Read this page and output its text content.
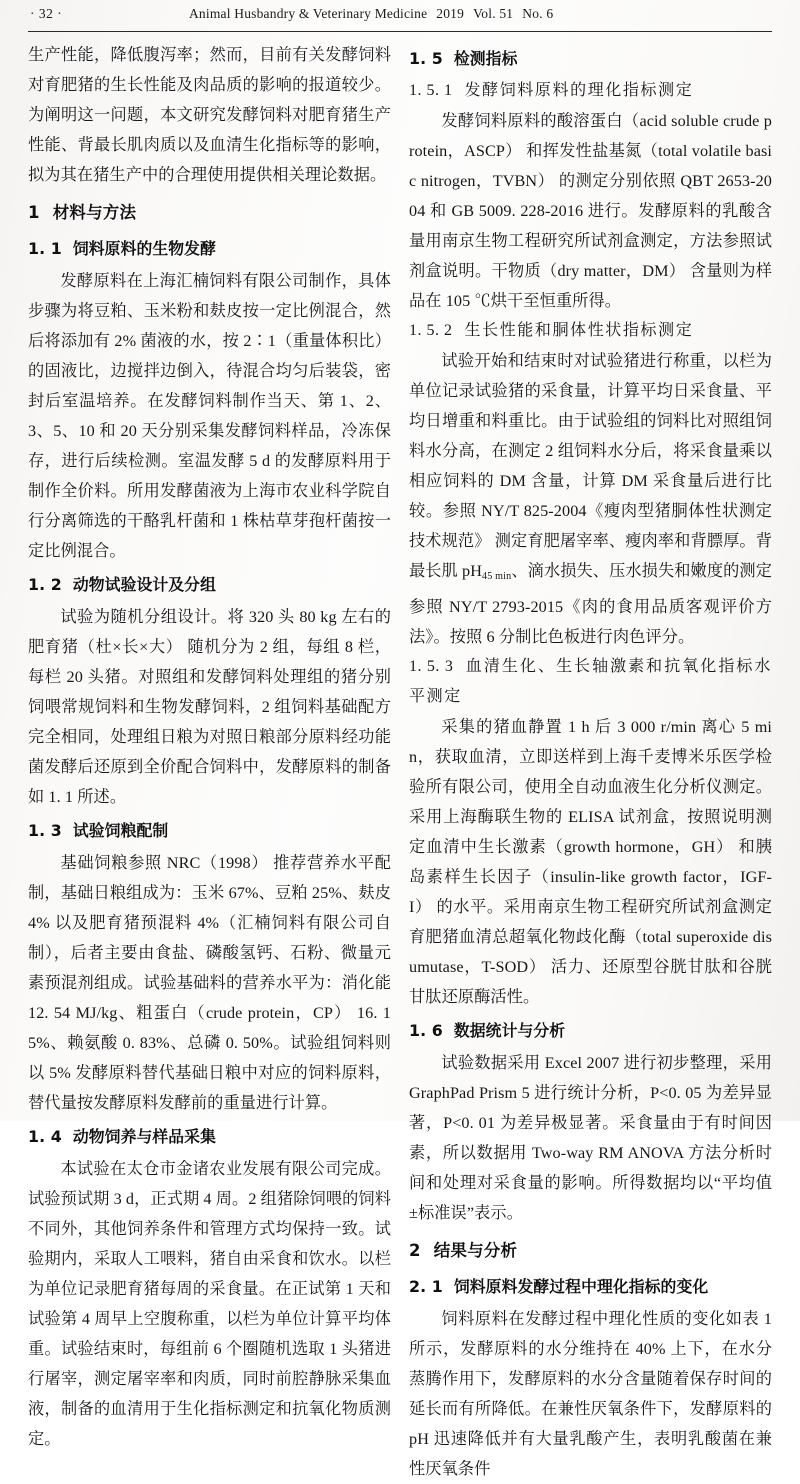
· 32 ·	Animal Husbandry & Veterinary Medicine 2019 Vol. 51 No. 6

生产性能，降低腹泻率；然而，目前有关发酵饲料对育肥猪的生长性能及肉品质的影响的报道较少。为阐明这一问题，本文研究发酵饲料对肥育猪生产性能、背最长肌肉质以及血清生化指标等的影响，拟为其在猪生产中的合理使用提供相关理论数据。

1 材料与方法
1. 1 饲料原料的生物发酵

发酵原料在上海汇楠饲料有限公司制作，具体步骤为将豆粕、玉米粉和麸皮按一定比例混合，然后将添加有 2% 菌液的水，按 2∶1（重量体积比） 的固液比，边搅拌边倒入，待混合均匀后装袋，密封后室温培养。在发酵饲料制作当天、第 1、2、3、5、10 和 20 天分别采集发酵饲料样品，冷冻保存，进行后续检测。室温发酵 5 d 的发酵原料用于制作全价料。所用发酵菌液为上海市农业科学院自行分离筛选的干酪乳杆菌和 1 株枯草芽孢杆菌按一定比例混合。

1. 2 动物试验设计及分组

试验为随机分组设计。将 320 头 80 kg 左右的肥育猪（杜×长×大） 随机分为 2 组，每组 8 栏，每栏 20 头猪。对照组和发酵饲料处理组的猪分别饲喂常规饲料和生物发酵饲料，2 组饲料基础配方完全相同，处理组日粮为对照日粮部分原料经功能菌发酵后还原到全价配合饲料中，发酵原料的制备如 1. 1 所述。

1. 3 试验饲粮配制

基础饲粮参照 NRC（1998） 推荐营养水平配制，基础日粮组成为：玉米 67%、豆粕 25%、麸皮 4% 以及肥育猪预混料 4%（汇楠饲料有限公司自制），后者主要由食盐、磷酸氢钙、石粉、微量元素预混剂组成。试验基础料的营养水平为：消化能 12. 54 MJ/kg、粗蛋白（crude protein，CP） 16. 15%、赖氨酸 0. 83%、总磷 0. 50%。试验组饲料则以 5% 发酵原料替代基础日粮中对应的饲料原料，替代量按发酵原料发酵前的重量进行计算。

1. 4 动物饲养与样品采集

本试验在太仓市金诸农业发展有限公司完成。试验预试期 3 d，正式期 4 周。2 组猪除饲喂的饲料不同外，其他饲养条件和管理方式均保持一致。试验期内，采取人工喂料，猪自由采食和饮水。以栏为单位记录肥育猪每周的采食量。在正试第 1 天和试验第 4 周早上空腹称重，以栏为单位计算平均体重。试验结束时，每组前 6 个圈随机选取 1 头猪进行屠宰，测定屠宰率和肉质，同时前腔静脉采集血液，制备的血清用于生化指标测定和抗氧化物质测定。

1. 5 检测指标
1. 5. 1 发酵饲料原料的理化指标测定

发酵饲料原料的酸溶蛋白（acid soluble crude protein，ASCP） 和挥发性盐基氮（total volatile basic nitrogen，TVBN） 的测定分别依照 QBT 2653-2004 和 GB 5009. 228-2016 进行。发酵原料的乳酸含量用南京生物工程研究所试剂盒测定，方法参照试剂盒说明。干物质（dry matter，DM） 含量则为样品在 105 ℃烘干至恒重所得。

1. 5. 2 生长性能和胴体性状指标测定

试验开始和结束时对试验猪进行称重，以栏为单位记录试验猪的采食量，计算平均日采食量、平均日增重和料重比。由于试验组的饲料比对照组饲料水分高，在测定 2 组饲料水分后，将采食量乘以相应饲料的 DM 含量，计算 DM 采食量后进行比较。参照 NY/T 825-2004《瘦肉型猪胴体性状测定技术规范》 测定育肥屠宰率、瘦肉率和背膘厚。背最长肌 $pH_{45 min}$、滴水损失、压水损失和嫩度的测定参照 NY/T 2793-2015《肉的食用品质客观评价方法》。按照 6 分制比色板进行肉色评分。

1. 5. 3 血清生化、生长轴激素和抗氧化指标水平测定

采集的猪血静置 1 h 后 3 000 r/min 离心 5 min，获取血清，立即送样到上海千麦博米乐医学检验所有限公司，使用全自动血液生化分析仪测定。采用上海酶联生物的 ELISA 试剂盒，按照说明测定血清中生长激素（growth hormone，GH） 和胰岛素样生长因子（insulin-like growth factor，IGF-I） 的水平。采用南京生物工程研究所试剂盒测定育肥猪血清总超氧化物歧化酶（total superoxide disumutase，T-SOD） 活力、还原型谷胱甘肽和谷胱甘肽还原酶活性。

1. 6 数据统计与分析

试验数据采用 Excel 2007 进行初步整理，采用 GraphPad Prism 5 进行统计分析，P<0. 05 为差异显著，P<0. 01 为差异极显著。采食量由于有时间因素，所以数据用 Two-way RM ANOVA 方法分析时间和处理对采食量的影响。所得数据均以“平均值±标准误”表示。

2 结果与分析
2. 1 饲料原料发酵过程中理化指标的变化

饲料原料在发酵过程中理化性质的变化如表 1 所示，发酵原料的水分维持在 40% 上下，在水分蒸腾作用下，发酵原料的水分含量随着保存时间的延长而有所降低。在兼性厌氧条件下，发酵原料的 pH 迅速降低并有大量乳酸产生，表明乳酸菌在兼性厌氧条件
